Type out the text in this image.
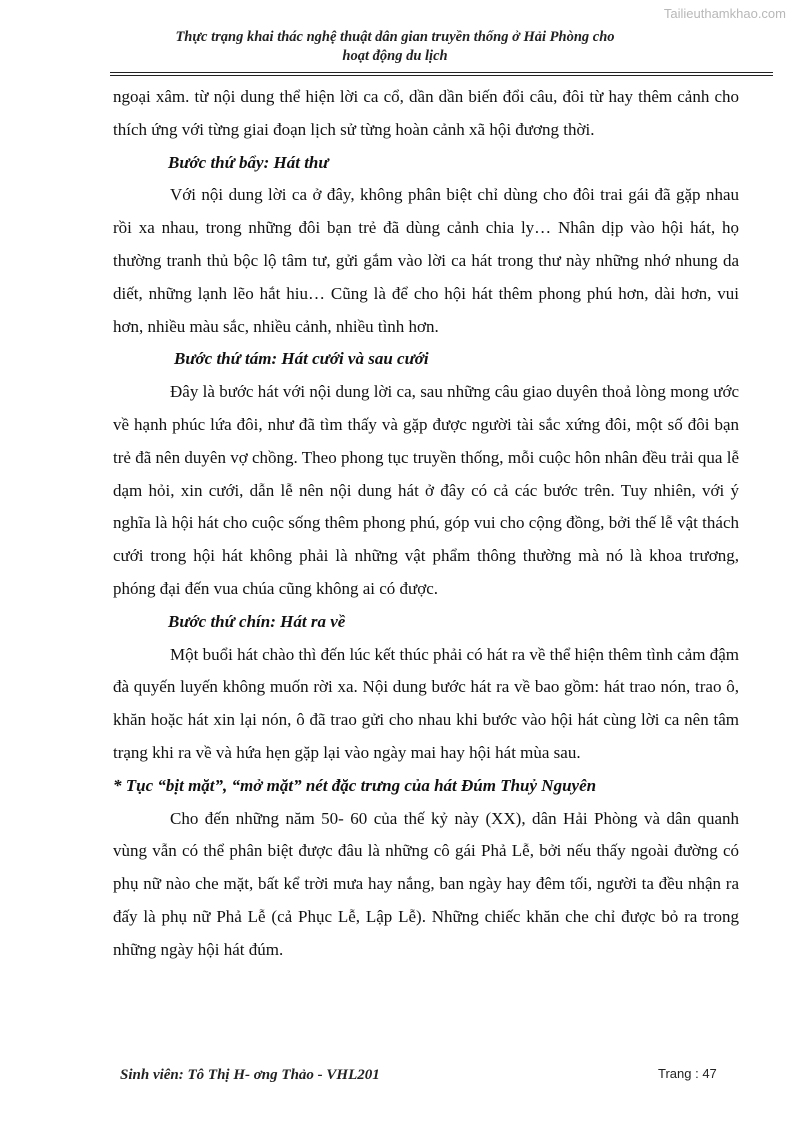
Tailieuthamkhao.com
Thực trạng khai thác nghệ thuật dân gian truyền thống ở Hải Phòng cho
hoạt động du lịch

ngoại xâm. từ nội dung thể hiện lời ca cổ, dần dần biến đổi câu, đôi từ hay thêm cảnh cho thích ứng với từng giai đoạn lịch sử từng hoàn cảnh xã hội đương thời.

Bước thứ bẩy: Hát thư

Với nội dung lời ca ở đây, không phân biệt chỉ dùng cho đôi trai gái đã gặp nhau rồi xa nhau, trong những đôi bạn trẻ đã dùng cảnh chia ly… Nhân dịp vào hội hát, họ thường tranh thủ bộc lộ tâm tư, gửi gắm vào lời ca hát trong thư này những nhớ nhung da diết, những lạnh lẽo hắt hiu… Cũng là để cho hội hát thêm phong phú hơn, dài hơn, vui hơn, nhiều màu sắc, nhiều cảnh, nhiều tình hơn.

Bước thứ tám: Hát cưới và sau cưới

Đây là bước hát với nội dung lời ca, sau những câu giao duyên thoả lòng mong ước về hạnh phúc lứa đôi, như đã tìm thấy và gặp được người tài sắc xứng đôi, một số đôi bạn trẻ đã nên duyên vợ chồng. Theo phong tục truyền thống, mỗi cuộc hôn nhân đều trải qua lễ dạm hỏi, xin cưới, dẫn lễ nên nội dung hát ở đây có cả các bước trên. Tuy nhiên, với ý nghĩa là hội hát cho cuộc sống thêm phong phú, góp vui cho cộng đồng, bởi thế lễ vật thách cưới trong hội hát không phải là những vật phẩm thông thường mà nó là khoa trương, phóng đại đến vua chúa cũng không ai có được.

Bước thứ chín: Hát ra về

Một buổi hát chào thì đến lúc kết thúc phải có hát ra về thể hiện thêm tình cảm đậm đà quyến luyến không muốn rời xa. Nội dung bước hát ra về bao gồm: hát trao nón, trao ô, khăn hoặc hát xin lại nón, ô đã trao gửi cho nhau khi bước vào hội hát cùng lời ca nên tâm trạng khi ra về và hứa hẹn gặp lại vào ngày mai hay hội hát mùa sau.

* Tục “bịt mặt”, “mở mặt” nét đặc trưng của hát Đúm Thuỷ Nguyên

Cho đến những năm 50- 60 của thế kỷ này (XX), dân Hải Phòng và dân quanh vùng vẫn có thể phân biệt được đâu là những cô gái Phả Lễ, bởi nếu thấy ngoài đường có phụ nữ nào che mặt, bất kể trời mưa hay nắng, ban ngày hay đêm tối, người ta đều nhận ra đấy là phụ nữ Phả Lễ (cả Phục Lễ, Lập Lễ). Những chiếc khăn che chỉ được bỏ ra trong những ngày hội hát đúm.

Sinh viên: Tô Thị H- ơng Thảo - VHL201	Trang : 47
